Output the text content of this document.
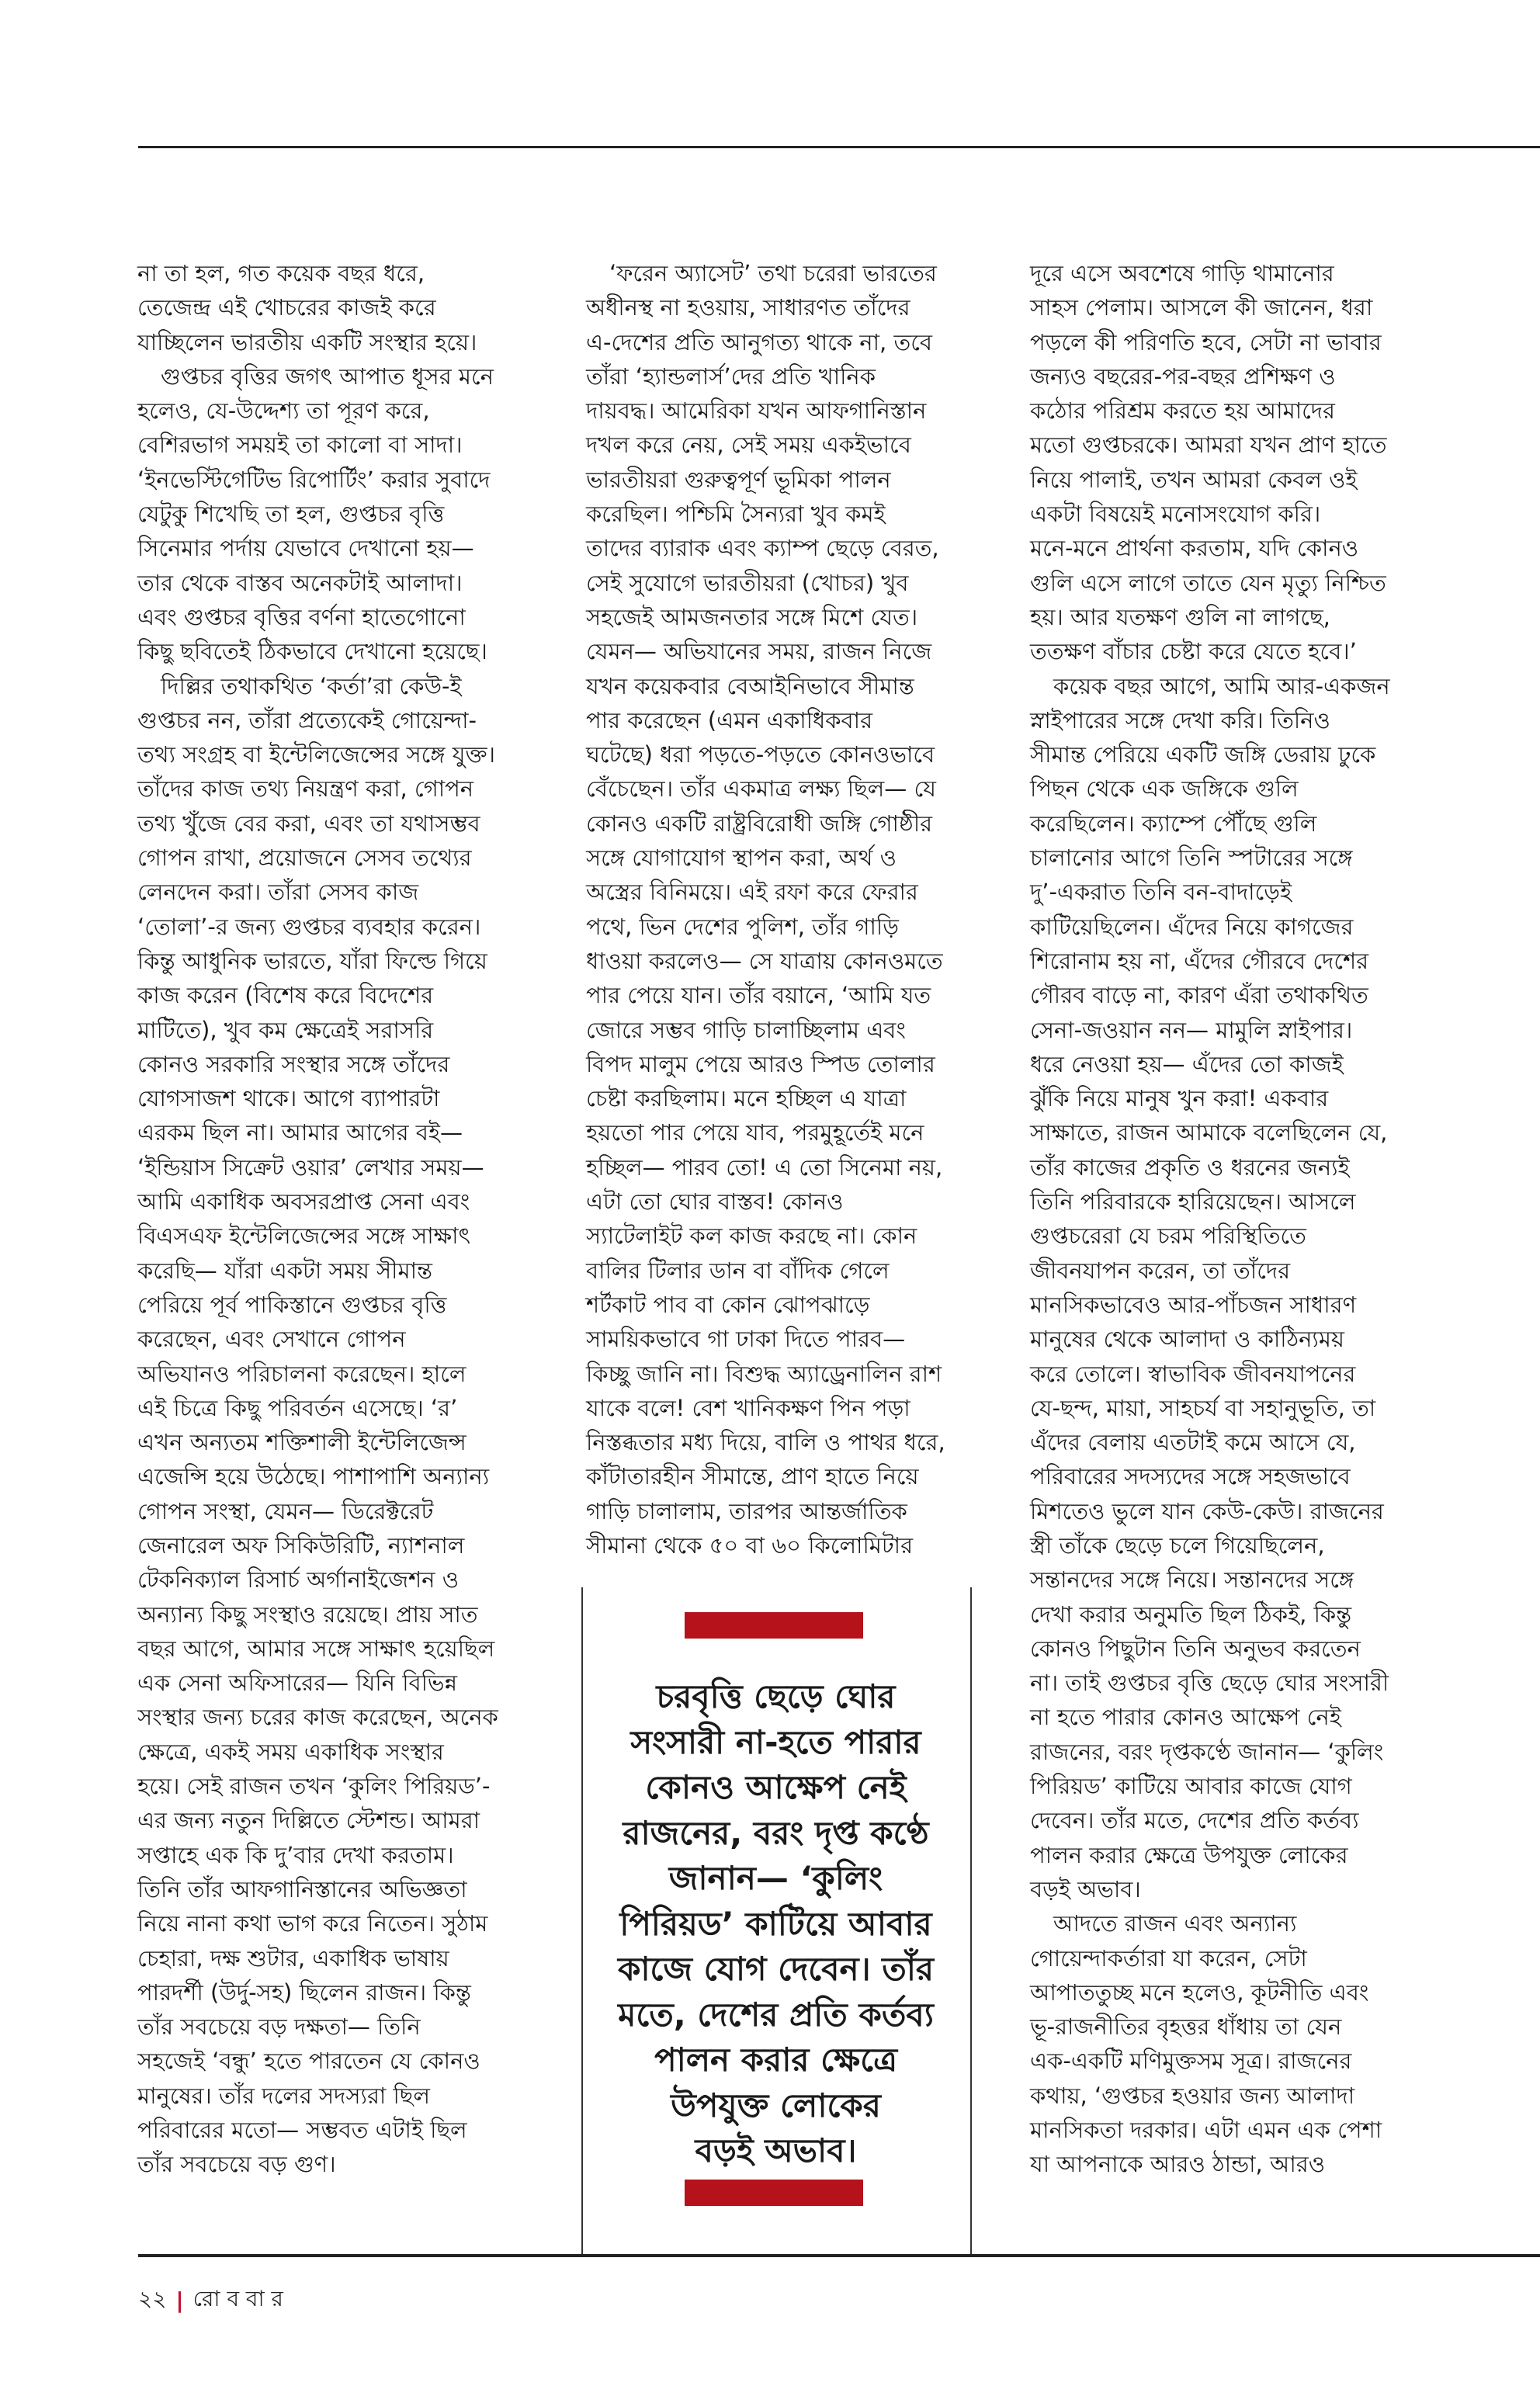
না তা হল, গত কয়েক বছর ধরে,
তেজেন্দ্র এই খোচরের কাজই করে
যাচ্ছিলেন ভারতীয় একটি সংস্থার হয়ে।
গুপ্তচর বৃত্তির জগৎ আপাত ধূসর মনে
হলেও, যে-উদ্দেশ্য তা পূরণ করে,
বেশিরভাগ সময়ই তা কালো বা সাদা।
‘ইনভেস্টিগেটিভ রিপোর্টিং’ করার সুবাদে
যেটুকু শিখেছি তা হল, গুপ্তচর বৃত্তি
সিনেমার পর্দায় যেভাবে দেখানো হয়—
তার থেকে বাস্তব অনেকটাই আলাদা।
এবং গুপ্তচর বৃত্তির বর্ণনা হাতেগোনো
কিছু ছবিতেই ঠিকভাবে দেখানো হয়েছে।
দিল্লির তথাকথিত ‘কর্তা’রা কেউ-ই
গুপ্তচর নন, তাঁরা প্রত্যেকেই গোয়েন্দা-
তথ্য সংগ্রহ বা ইন্টেলিজেন্সের সঙ্গে যুক্ত।
তাঁদের কাজ তথ্য নিয়ন্ত্রণ করা, গোপন
তথ্য খুঁজে বের করা, এবং তা যথাসম্ভব
গোপন রাখা, প্রয়োজনে সেসব তথ্যের
লেনদেন করা। তাঁরা সেসব কাজ
‘তোলা’-র জন্য গুপ্তচর ব্যবহার করেন।
কিন্তু আধুনিক ভারতে, যাঁরা ফিল্ডে গিয়ে
কাজ করেন (বিশেষ করে বিদেশের
মাটিতে), খুব কম ক্ষেত্রেই সরাসরি
কোনও সরকারি সংস্থার সঙ্গে তাঁদের
যোগসাজশ থাকে। আগে ব্যাপারটা
এরকম ছিল না। আমার আগের বই—
‘ইন্ডিয়াস সিক্রেট ওয়ার’ লেখার সময়—
আমি একাধিক অবসরপ্রাপ্ত সেনা এবং
বিএসএফ ইন্টেলিজেন্সের সঙ্গে সাক্ষাৎ
করেছি— যাঁরা একটা সময় সীমান্ত
পেরিয়ে পূর্ব পাকিস্তানে গুপ্তচর বৃত্তি
করেছেন, এবং সেখানে গোপন
অভিযানও পরিচালনা করেছেন। হালে
এই চিত্রে কিছু পরিবর্তন এসেছে। ‘র’
এখন অন্যতম শক্তিশালী ইন্টেলিজেন্স
এজেন্সি হয়ে উঠেছে। পাশাপাশি অন্যান্য
গোপন সংস্থা, যেমন— ডিরেক্টরেট
জেনারেল অফ সিকিউরিটি, ন্যাশনাল
টেকনিক্যাল রিসার্চ অর্গানাইজেশন ও
অন্যান্য কিছু সংস্থাও রয়েছে। প্রায় সাত
বছর আগে, আমার সঙ্গে সাক্ষাৎ হয়েছিল
এক সেনা অফিসারের— যিনি বিভিন্ন
সংস্থার জন্য চরের কাজ করেছেন, অনেক
ক্ষেত্রে, একই সময় একাধিক সংস্থার
হয়ে। সেই রাজন তখন ‘কুলিং পিরিয়ড’-
এর জন্য নতুন দিল্লিতে স্টেশন্ড। আমরা
সপ্তাহে এক কি দু’বার দেখা করতাম।
তিনি তাঁর আফগানিস্তানের অভিজ্ঞতা
নিয়ে নানা কথা ভাগ করে নিতেন। সুঠাম
চেহারা, দক্ষ শুটার, একাধিক ভাষায়
পারদর্শী (উর্দু-সহ) ছিলেন রাজন। কিন্তু
তাঁর সবচেয়ে বড় দক্ষতা— তিনি
সহজেই ‘বন্ধু’ হতে পারতেন যে কোনও
মানুষের। তাঁর দলের সদস্যরা ছিল
পরিবারের মতো— সম্ভবত এটাই ছিল
তাঁর সবচেয়ে বড় গুণ।
‘ফরেন অ্যাসেট’ তথা চরেরা ভারতের
অধীনস্থ না হওয়ায়, সাধারণত তাঁদের
এ-দেশের প্রতি আনুগত্য থাকে না, তবে
তাঁরা ‘হ্যান্ডলার্স’দের প্রতি খানিক
দায়বদ্ধ। আমেরিকা যখন আফগানিস্তান
দখল করে নেয়, সেই সময় একইভাবে
ভারতীয়রা গুরুত্বপূর্ণ ভূমিকা পালন
করেছিল। পশ্চিমি সৈন্যরা খুব কমই
তাদের ব্যারাক এবং ক্যাম্প ছেড়ে বেরত,
সেই সুযোগে ভারতীয়রা (খোচর) খুব
সহজেই আমজনতার সঙ্গে মিশে যেত।
যেমন— অভিযানের সময়, রাজন নিজে
যখন কয়েকবার বেআইনিভাবে সীমান্ত
পার করেছেন (এমন একাধিকবার
ঘটেছে) ধরা পড়তে-পড়তে কোনওভাবে
বেঁচেছেন। তাঁর একমাত্র লক্ষ্য ছিল— যে
কোনও একটি রাষ্ট্রবিরোধী জঙ্গি গোষ্ঠীর
সঙ্গে যোগাযোগ স্থাপন করা, অর্থ ও
অস্ত্রের বিনিময়ে। এই রফা করে ফেরার
পথে, ভিন দেশের পুলিশ, তাঁর গাড়ি
ধাওয়া করলেও— সে যাত্রায় কোনওমতে
পার পেয়ে যান। তাঁর বয়ানে, ‘আমি যত
জোরে সম্ভব গাড়ি চালাচ্ছিলাম এবং
বিপদ মালুম পেয়ে আরও স্পিড তোলার
চেষ্টা করছিলাম। মনে হচ্ছিল এ যাত্রা
হয়তো পার পেয়ে যাব, পরমুহূর্তেই মনে
হচ্ছিল— পারব তো! এ তো সিনেমা নয়,
এটা তো ঘোর বাস্তব! কোনও
স্যাটেলাইট কল কাজ করছে না। কোন
বালির টিলার ডান বা বাঁদিক গেলে
শর্টকাট পাব বা কোন ঝোপঝাড়ে
সাময়িকভাবে গা ঢাকা দিতে পারব—
কিচ্ছু জানি না। বিশুদ্ধ অ্যাড্রেনালিন রাশ
যাকে বলে! বেশ খানিকক্ষণ পিন পড়া
নিস্তব্ধতার মধ্য দিয়ে, বালি ও পাথর ধরে,
কাঁটাতারহীন সীমান্তে, প্রাণ হাতে নিয়ে
গাড়ি চালালাম, তারপর আন্তর্জাতিক
সীমানা থেকে ৫০ বা ৬০ কিলোমিটার
দূরে এসে অবশেষে গাড়ি থামানোর
সাহস পেলাম। আসলে কী জানেন, ধরা
পড়লে কী পরিণতি হবে, সেটা না ভাবার
জন্যও বছরের-পর-বছর প্রশিক্ষণ ও
কঠোর পরিশ্রম করতে হয় আমাদের
মতো গুপ্তচরকে। আমরা যখন প্রাণ হাতে
নিয়ে পালাই, তখন আমরা কেবল ওই
একটা বিষয়েই মনোসংযোগ করি।
মনে-মনে প্রার্থনা করতাম, যদি কোনও
গুলি এসে লাগে তাতে যেন মৃত্যু নিশ্চিত
হয়। আর যতক্ষণ গুলি না লাগছে,
ততক্ষণ বাঁচার চেষ্টা করে যেতে হবে।’
কয়েক বছর আগে, আমি আর-একজন
স্নাইপারের সঙ্গে দেখা করি। তিনিও
সীমান্ত পেরিয়ে একটি জঙ্গি ডেরায় ঢুকে
পিছন থেকে এক জঙ্গিকে গুলি
করেছিলেন। ক্যাম্পে পৌঁছে গুলি
চালানোর আগে তিনি স্পটারের সঙ্গে
দু’-একরাত তিনি বন-বাদাড়েই
কাটিয়েছিলেন। এঁদের নিয়ে কাগজের
শিরোনাম হয় না, এঁদের গৌরবে দেশের
গৌরব বাড়ে না, কারণ এঁরা তথাকথিত
সেনা-জওয়ান নন— মামুলি স্নাইপার।
ধরে নেওয়া হয়— এঁদের তো কাজই
ঝুঁকি নিয়ে মানুষ খুন করা! একবার
সাক্ষাতে, রাজন আমাকে বলেছিলেন যে,
তাঁর কাজের প্রকৃতি ও ধরনের জন্যই
তিনি পরিবারকে হারিয়েছেন। আসলে
গুপ্তচরেরা যে চরম পরিস্থিতিতে
জীবনযাপন করেন, তা তাঁদের
মানসিকভাবেও আর-পাঁচজন সাধারণ
মানুষের থেকে আলাদা ও কাঠিন্যময়
করে তোলে। স্বাভাবিক জীবনযাপনের
যে-ছন্দ, মায়া, সাহচর্য বা সহানুভূতি, তা
এঁদের বেলায় এতটাই কমে আসে যে,
পরিবারের সদস্যদের সঙ্গে সহজভাবে
মিশতেও ভুলে যান কেউ-কেউ। রাজনের
স্ত্রী তাঁকে ছেড়ে চলে গিয়েছিলেন,
সন্তানদের সঙ্গে নিয়ে। সন্তানদের সঙ্গে
দেখা করার অনুমতি ছিল ঠিকই, কিন্তু
কোনও পিছুটান তিনি অনুভব করতেন
না। তাই গুপ্তচর বৃত্তি ছেড়ে ঘোর সংসারী
না হতে পারার কোনও আক্ষেপ নেই
রাজনের, বরং দৃপ্তকণ্ঠে জানান— ‘কুলিং
পিরিয়ড’ কাটিয়ে আবার কাজে যোগ
দেবেন। তাঁর মতে, দেশের প্রতি কর্তব্য
পালন করার ক্ষেত্রে উপযুক্ত লোকের
বড়ই অভাব।
আদতে রাজন এবং অন্যান্য
গোয়েন্দাকর্তারা যা করেন, সেটা
আপাততুচ্ছ মনে হলেও, কূটনীতি এবং
ভূ-রাজনীতির বৃহত্তর ধাঁধায় তা যেন
এক-একটি মণিমুক্তসম সূত্র। রাজনের
কথায়, ‘গুপ্তচর হওয়ার জন্য আলাদা
মানসিকতা দরকার। এটা এমন এক পেশা
যা আপনাকে আরও ঠান্ডা, আরও
চরবৃত্তি ছেড়ে ঘোর
সংসারী না-হতে পারার
কোনও আক্ষেপ নেই
রাজনের, বরং দৃপ্ত কণ্ঠে
জানান— ‘কুলিং
পিরিয়ড’ কাটিয়ে আবার
কাজে যোগ দেবেন। তাঁর
মতে, দেশের প্রতি কর্তব্য
পালন করার ক্ষেত্রে
উপযুক্ত লোকের
বড়ই অভাব।
২২ | রো ব বা র
